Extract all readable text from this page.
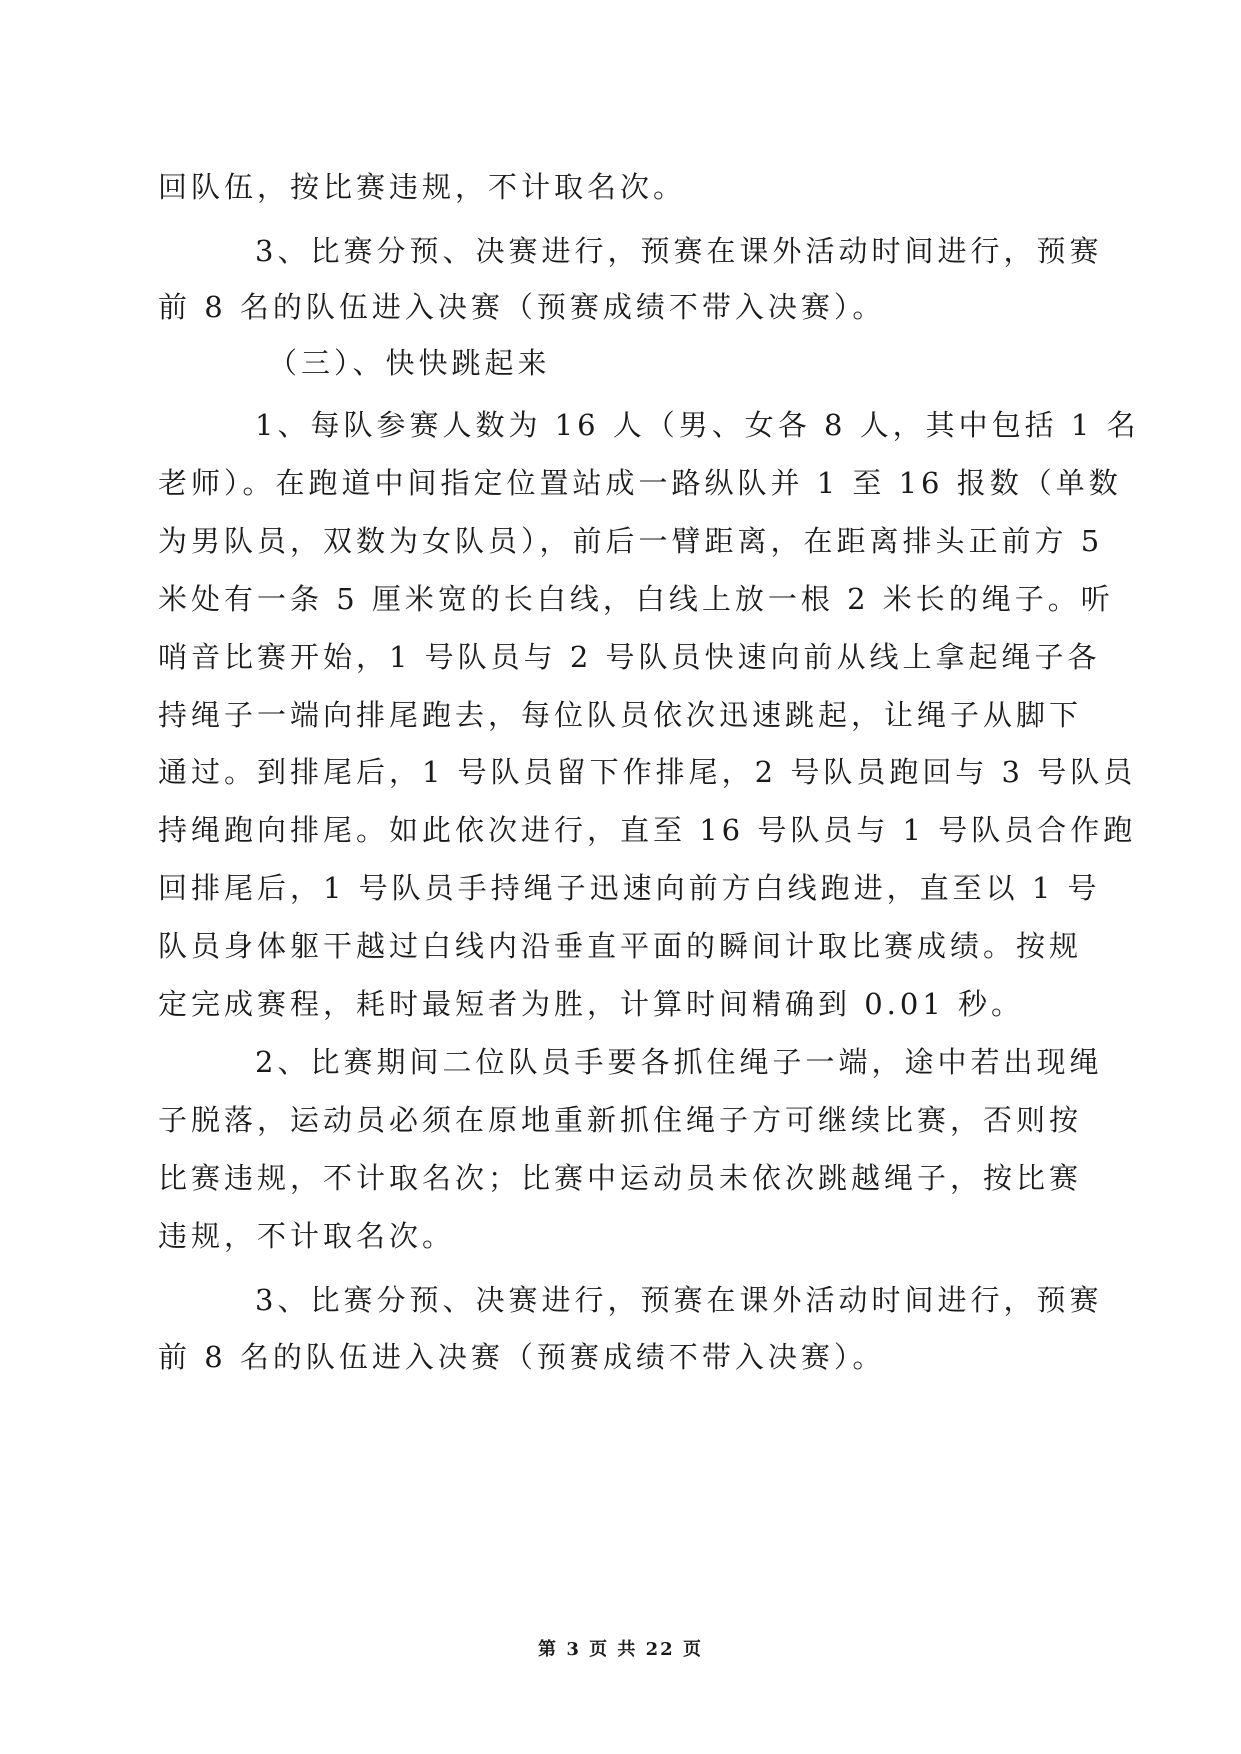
回队伍，按比赛违规，不计取名次。
3、比赛分预、决赛进行，预赛在课外活动时间进行，预赛
前 8 名的队伍进入决赛（预赛成绩不带入决赛）。
（三）、快快跳起来
1、每队参赛人数为 16 人（男、女各 8 人，其中包括 1 名
老师）。在跑道中间指定位置站成一路纵队并 1 至 16 报数（单数
为男队员，双数为女队员），前后一臂距离，在距离排头正前方 5
米处有一条 5 厘米宽的长白线，白线上放一根 2 米长的绳子。听
哨音比赛开始，1 号队员与 2 号队员快速向前从线上拿起绳子各
持绳子一端向排尾跑去，每位队员依次迅速跳起，让绳子从脚下
通过。到排尾后，1 号队员留下作排尾，2 号队员跑回与 3 号队员
持绳跑向排尾。如此依次进行，直至 16 号队员与 1 号队员合作跑
回排尾后，1 号队员手持绳子迅速向前方白线跑进，直至以 1 号
队员身体躯干越过白线内沿垂直平面的瞬间计取比赛成绩。按规
定完成赛程，耗时最短者为胜，计算时间精确到 0.01 秒。
2、比赛期间二位队员手要各抓住绳子一端，途中若出现绳
子脱落，运动员必须在原地重新抓住绳子方可继续比赛，否则按
比赛违规，不计取名次；比赛中运动员未依次跳越绳子，按比赛
违规，不计取名次。
3、比赛分预、决赛进行，预赛在课外活动时间进行，预赛
前 8 名的队伍进入决赛（预赛成绩不带入决赛）。
第 3 页 共 22 页
